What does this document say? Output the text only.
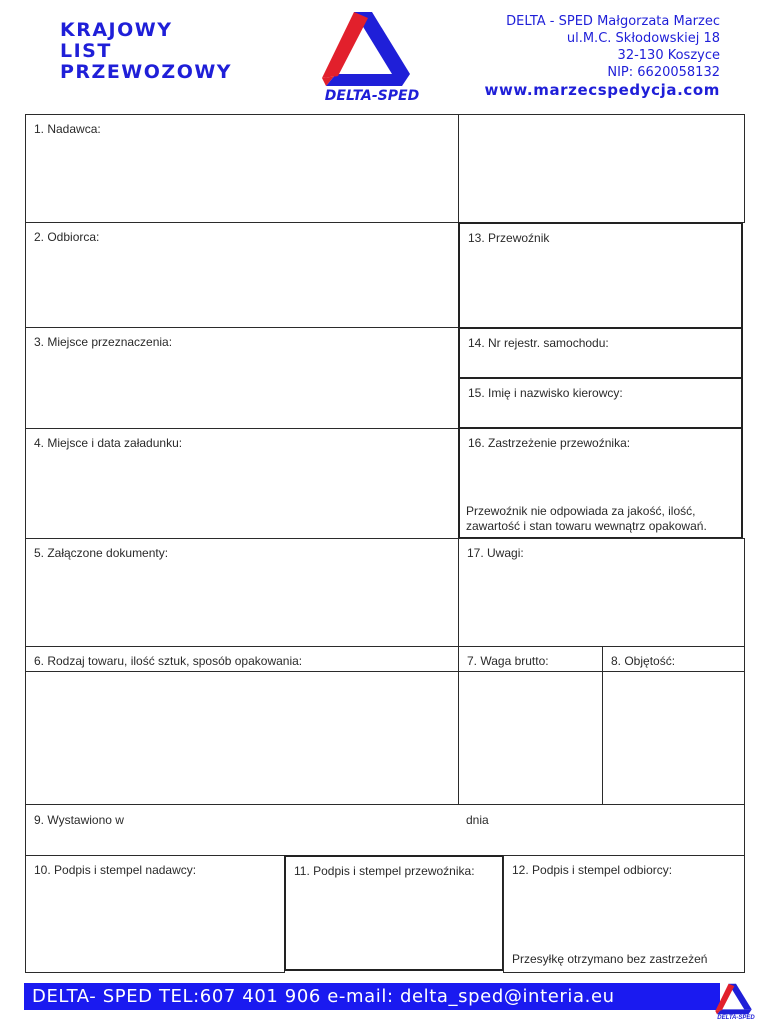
KRAJOWY
LIST
PRZEWOZOWY
DELTA-SPED
DELTA - SPED Małgorzata Marzec
ul.M.C. Skłodowskiej 18
32-130 Koszyce
NIP: 6620058132
www.marzecspedycja.com
1. Nadawca:
2. Odbiorca:
3. Miejsce przeznaczenia:
4. Miejsce i data załadunku:
13. Przewoźnik
14. Nr rejestr. samochodu:
15. Imię i nazwisko kierowcy:
16. Zastrzeżenie przewoźnika:
Przewoźnik nie odpowiada za jakość, ilość,
zawartość i stan towaru wewnątrz opakowań.
5. Załączone dokumenty:	17. Uwagi:
6. Rodzaj towaru, ilość sztuk, sposób opakowania:	7. Waga brutto:	8. Objętość:
9. Wystawiono w	dnia
10. Podpis i stempel nadawcy:	11. Podpis i stempel przewoźnika:	12. Podpis i stempel odbiorcy:
Przesyłkę otrzymano bez zastrzeżeń
DELTA- SPED TEL:607 401 906 e-mail: delta_sped@interia.eu
DELTA-SPED
